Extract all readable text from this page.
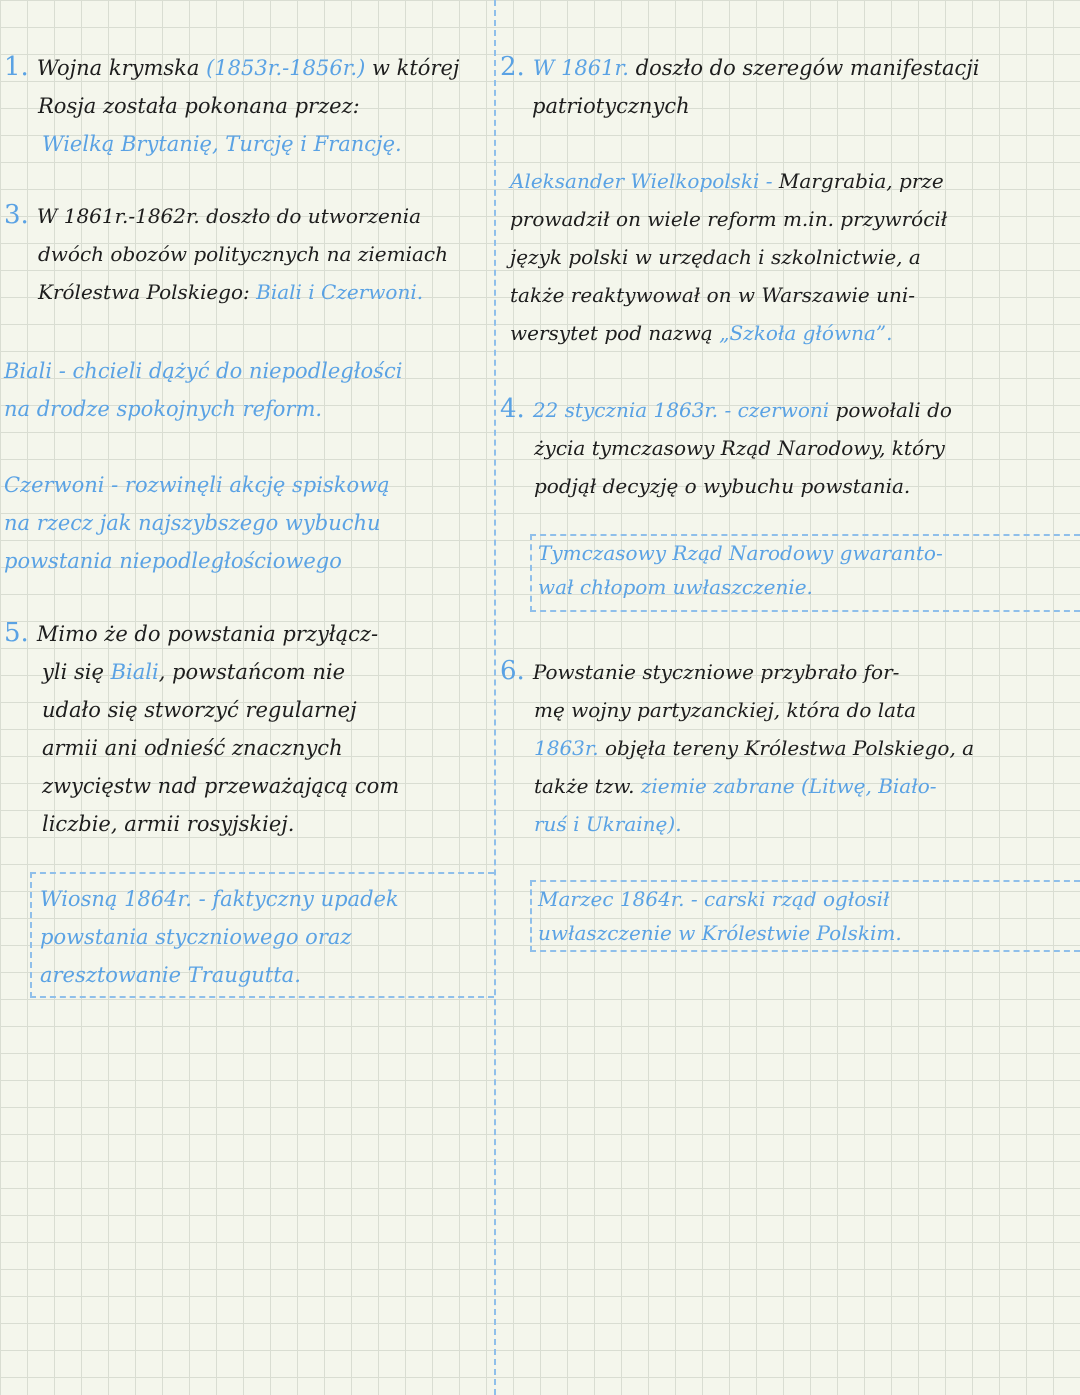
1. Wojna krymska (1853r.-1856r.) w której
Rosja została pokonana przez:
Wielką Brytanię, Turcję i Francję.
2. W 1861r. doszło do szeregów manifestacji
patriotycznych
Aleksander Wielkopolski - Margrabia, prze
prowadził on wiele reform m.in. przywrócił
język polski w urzędach i szkolnictwie, a
także reaktywował on w Warszawie uni-
wersytet pod nazwą „Szkoła główna”.
3. W 1861r.-1862r. doszło do utworzenia
dwóch obozów politycznych na ziemiach
Królestwa Polskiego: Biali i Czerwoni.
Biali - chcieli dążyć do niepodległości
na drodze spokojnych reform.
Czerwoni - rozwinęli akcję spiskową
na rzecz jak najszybszego wybuchu
powstania niepodległościowego
4. 22 stycznia 1863r. - czerwoni powołali do
życia tymczasowy Rząd Narodowy, który
podjął decyzję o wybuchu powstania.
Tymczasowy Rząd Narodowy gwaranto-
wał chłopom uwłaszczenie.
5. Mimo że do powstania przyłącz-
yli się Biali, powstańcom nie
udało się stworzyć regularnej
armii ani odnieść znacznych
zwycięstw nad przeważającą com
liczbie, armii rosyjskiej.
6. Powstanie styczniowe przybrało for-
mę wojny partyzanckiej, która do lata
1863r. objęła tereny Królestwa Polskiego, a
także tzw. ziemie zabrane (Litwę, Biało-
ruś i Ukrainę).
Wiosną 1864r. - faktyczny upadek
powstania styczniowego oraz
aresztowanie Traugutta.
Marzec 1864r. - carski rząd ogłosił
uwłaszczenie w Królestwie Polskim.
